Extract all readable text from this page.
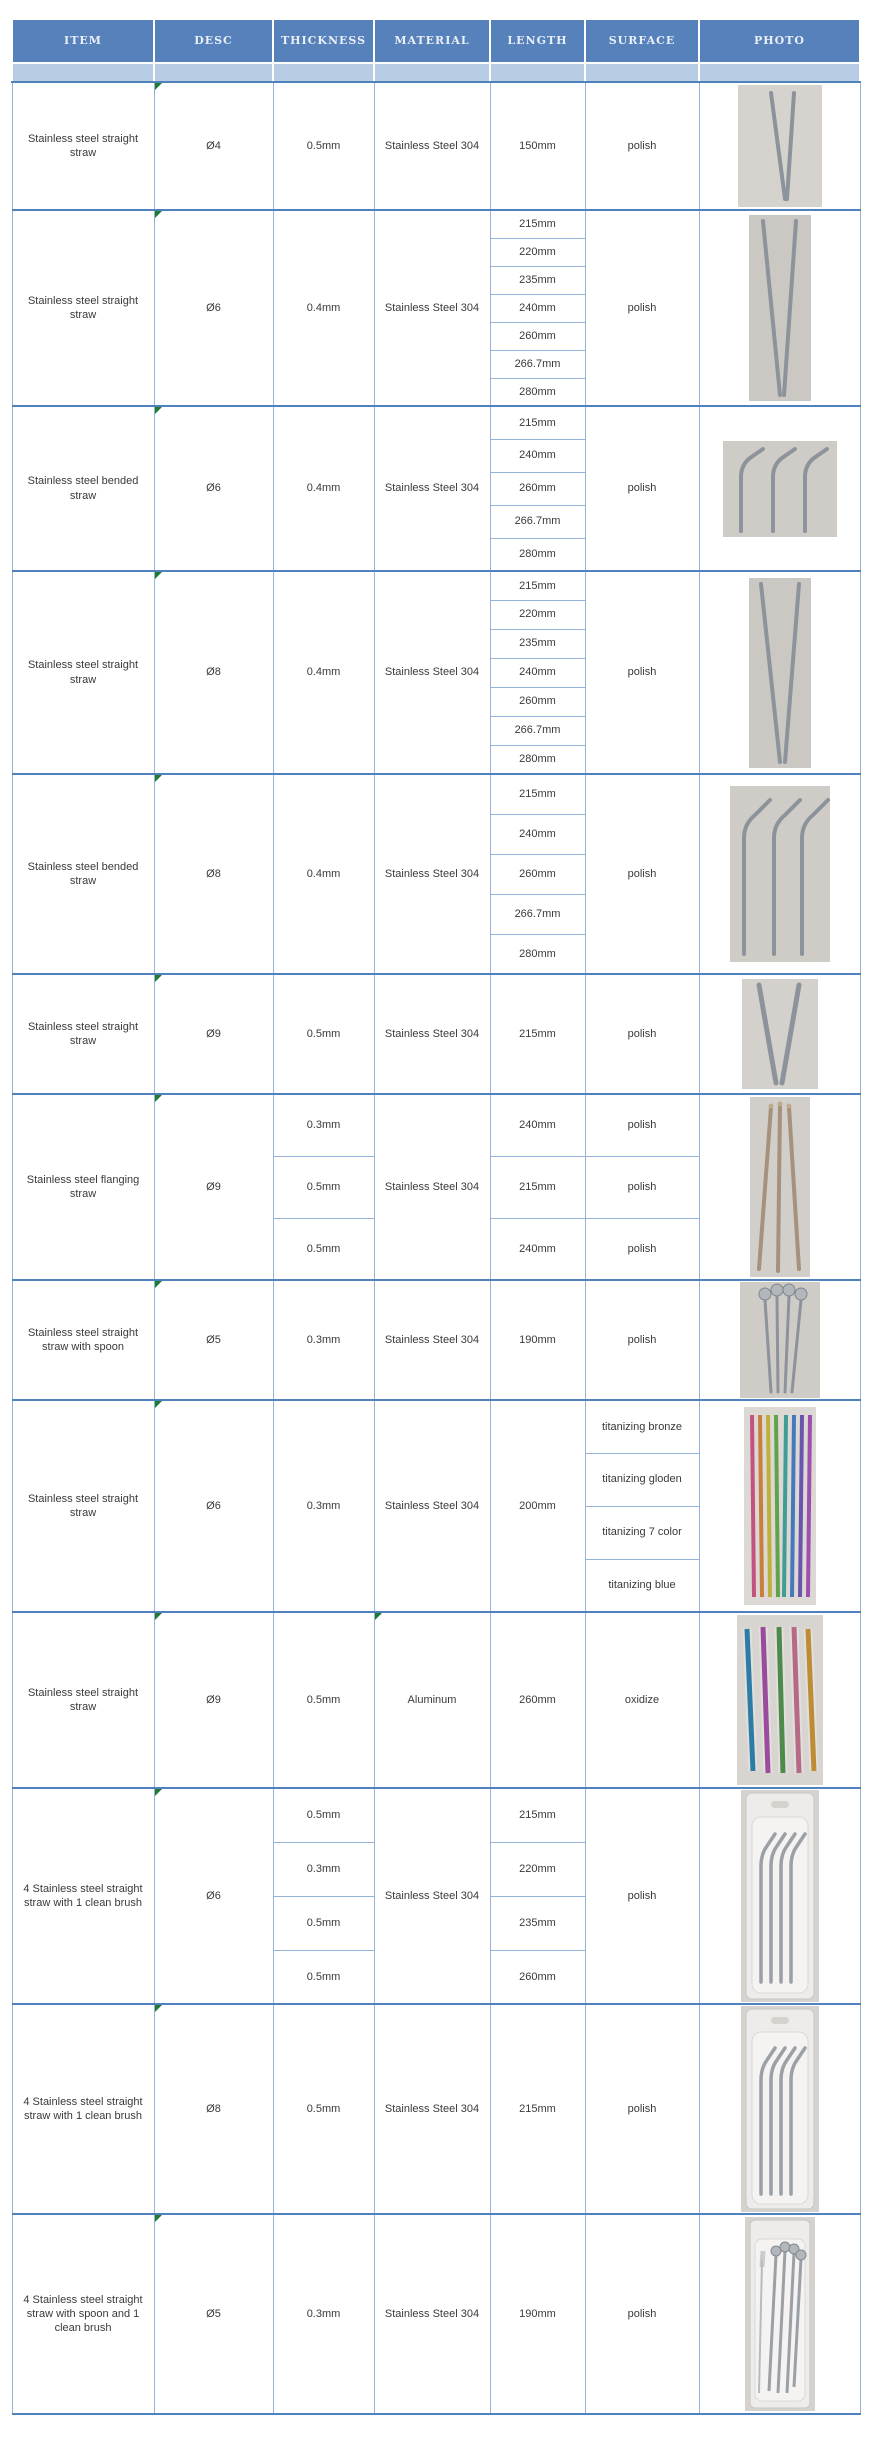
ITEM	DESC	THICKNESS	MATERIAL	LENGTH	SURFACE	PHOTO

Stainless steel straight straw	Ø4	0.5mm	Stainless Steel 304	150mm	polish	

Stainless steel straight straw	Ø6	0.4mm	Stainless Steel 304	215mm	polish	

				220mm		
				235mm		
				240mm		
				260mm		
				266.7mm		
				280mm		
Stainless steel bended straw	Ø6	0.4mm	Stainless Steel 304	215mm	polish	

				240mm		
				260mm		
				266.7mm		
				280mm		
Stainless steel straight straw	Ø8	0.4mm	Stainless Steel 304	215mm	polish	

				220mm		
				235mm		
				240mm		
				260mm		
				266.7mm		
				280mm		
Stainless steel bended straw	Ø8	0.4mm	Stainless Steel 304	215mm	polish	

				240mm		
				260mm		
				266.7mm		
				280mm		
Stainless steel straight straw	Ø9	0.5mm	Stainless Steel 304	215mm	polish	

Stainless steel flanging straw	Ø9	0.3mm	Stainless Steel 304	240mm	polish	

		0.5mm		215mm	polish	
		0.5mm		240mm	polish	
Stainless steel straight straw with spoon	Ø5	0.3mm	Stainless Steel 304	190mm	polish	

Stainless steel straight straw	Ø6	0.3mm	Stainless Steel 304	200mm	titanizing bronze	

					titanizing gloden	
					titanizing 7 color	
					titanizing blue	
Stainless steel straight straw	Ø9	0.5mm	Aluminum	260mm	oxidize	

4 Stainless steel straight straw with 1 clean brush	Ø6	0.5mm	Stainless Steel 304	215mm	polish	

		0.3mm		220mm		
		0.5mm		235mm		
		0.5mm		260mm		
4 Stainless steel straight straw with 1 clean brush	Ø8	0.5mm	Stainless Steel 304	215mm	polish	

4 Stainless steel straight straw with spoon and 1 clean brush	Ø5	0.3mm	Stainless Steel 304	190mm	polish	
